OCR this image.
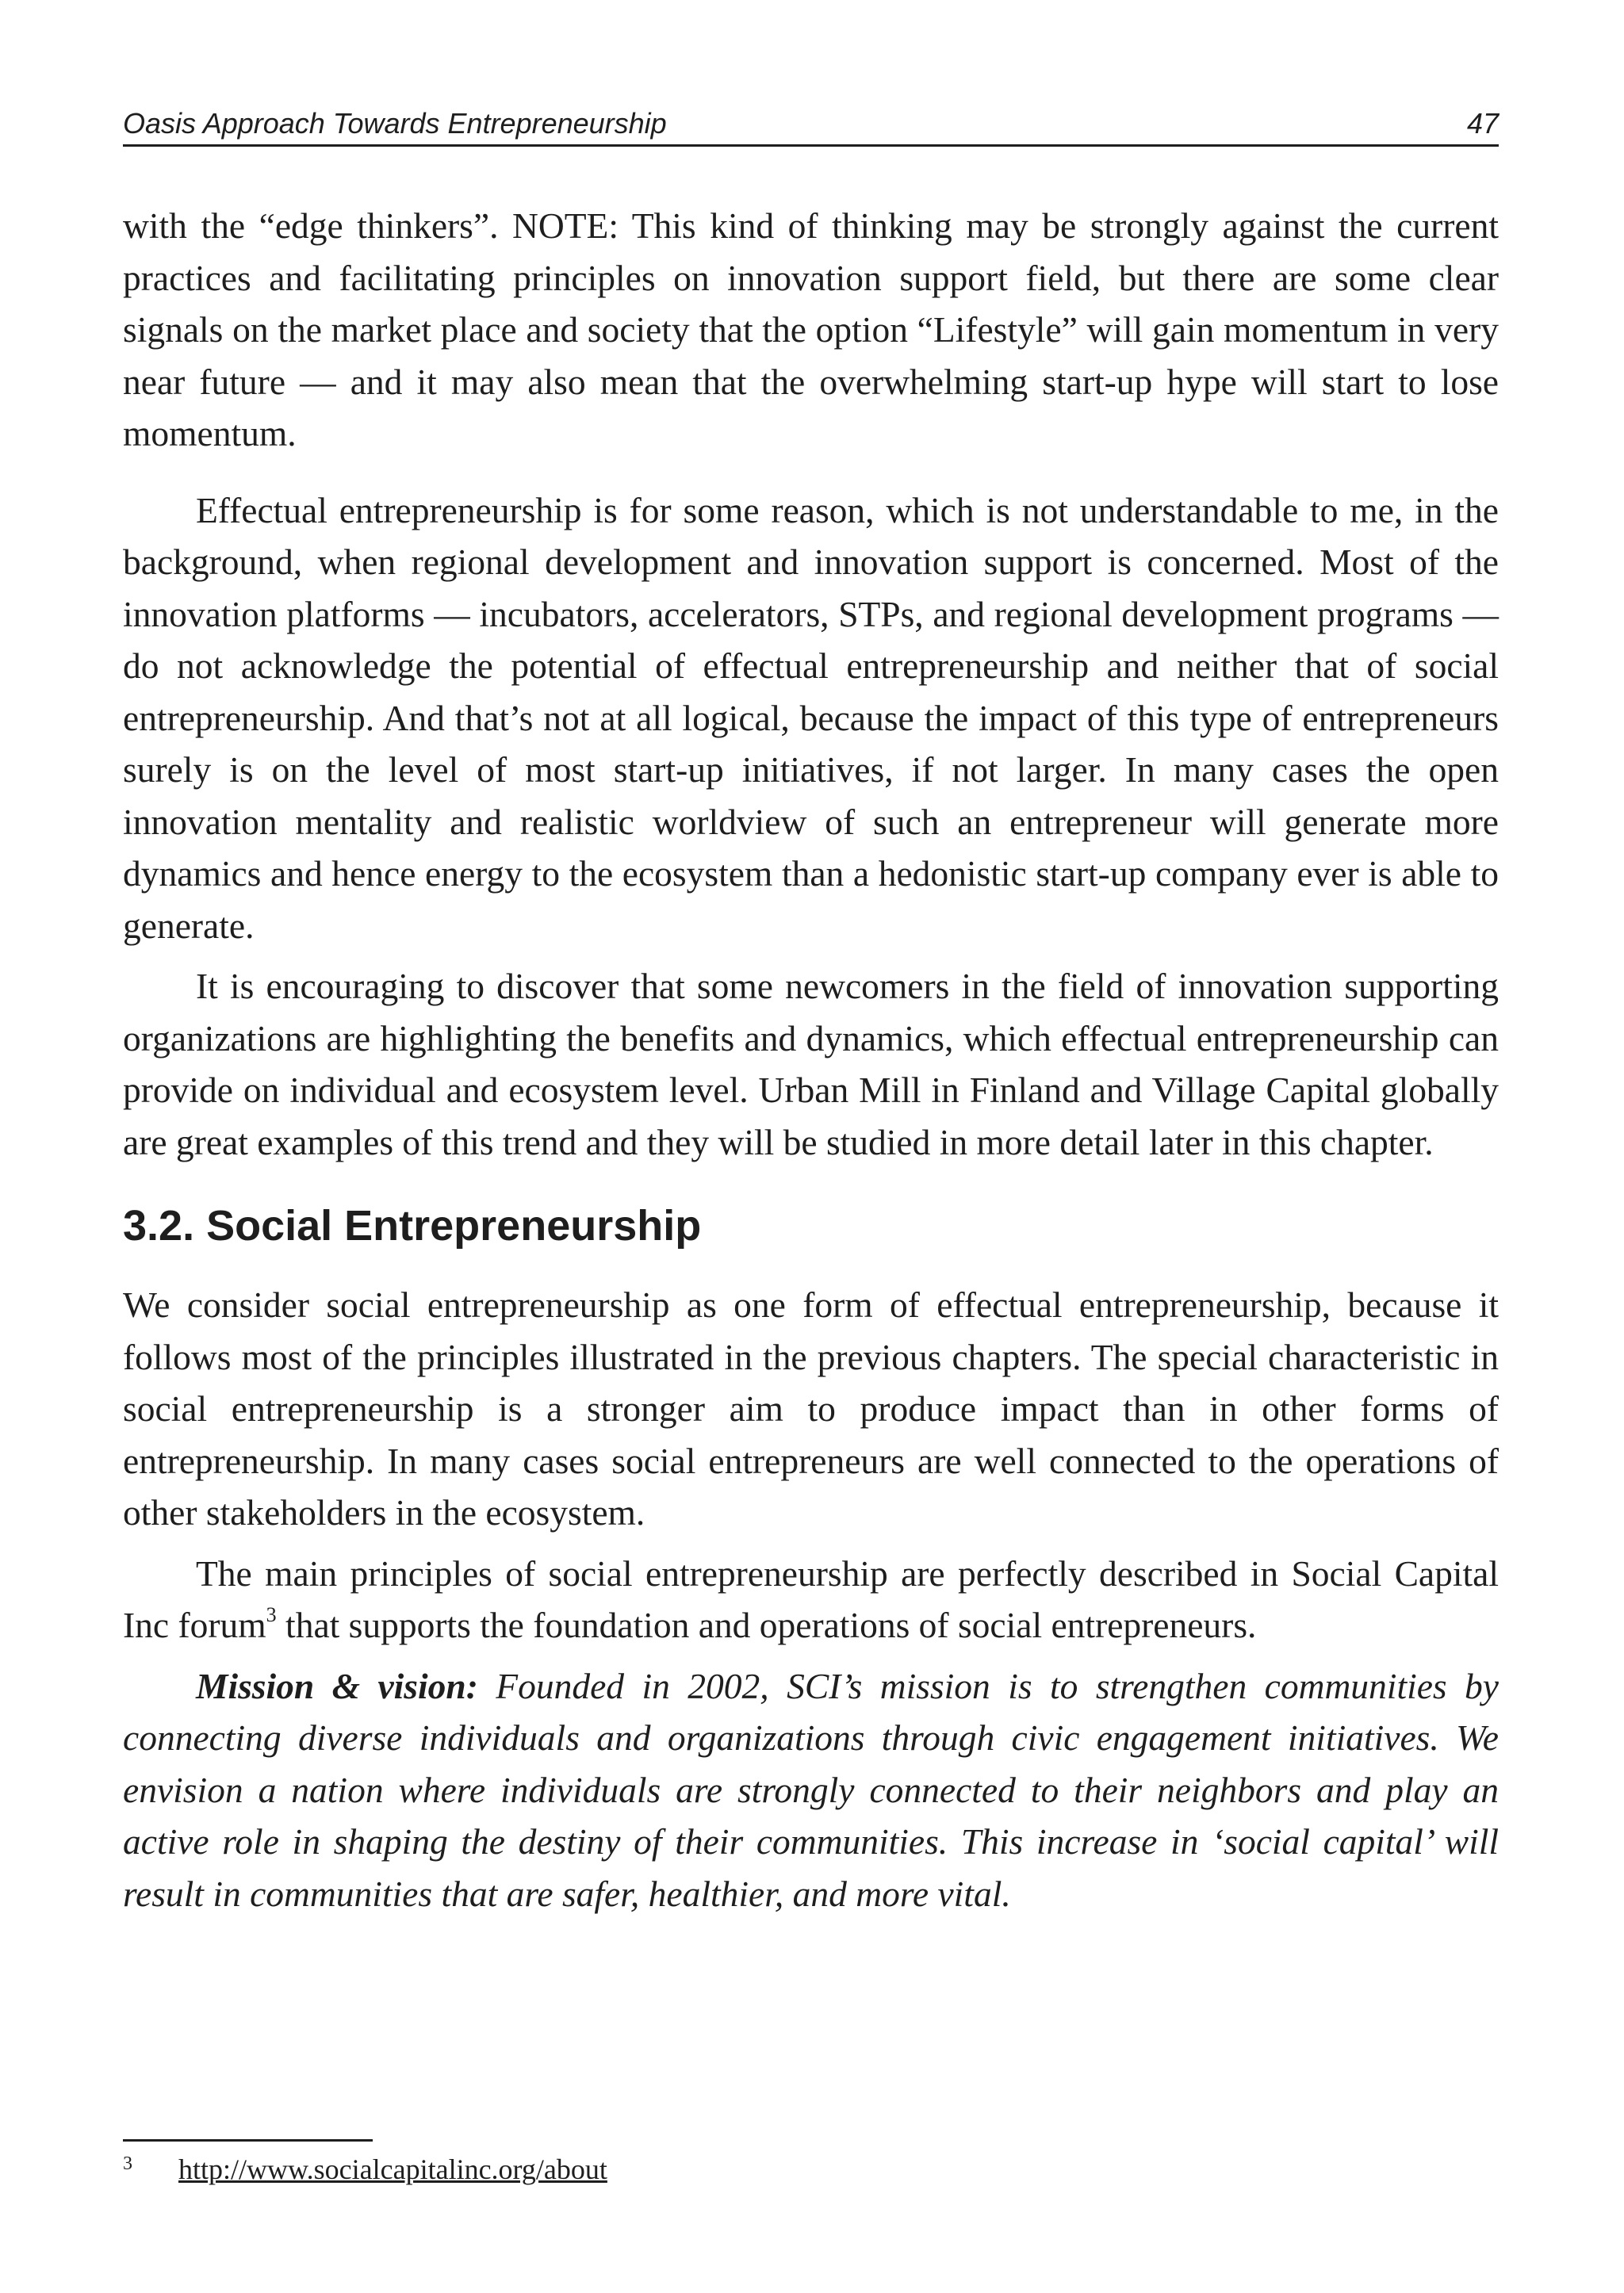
Oasis Approach Towards Entrepreneurship	47

with the “edge thinkers”. NOTE: This kind of thinking may be strongly against the current practices and facilitating principles on innovation support field, but there are some clear signals on the market place and society that the option “Lifestyle” will gain momentum in very near future — and it may also mean that the overwhelming start-up hype will start to lose momentum.

Effectual entrepreneurship is for some reason, which is not understandable to me, in the background, when regional development and innovation support is concerned. Most of the innovation platforms — incubators, accelerators, STPs, and regional development programs — do not acknowledge the potential of effectual entrepreneurship and neither that of social entrepreneurship. And that’s not at all logical, because the impact of this type of entrepreneurs surely is on the level of most start-up initiatives, if not larger. In many cases the open innovation mentality and realistic worldview of such an entrepreneur will generate more dynamics and hence energy to the ecosystem than a hedonistic start-up company ever is able to generate.

It is encouraging to discover that some newcomers in the field of innovation supporting organizations are highlighting the benefits and dynamics, which effectual entrepreneurship can provide on individual and ecosystem level. Urban Mill in Finland and Village Capital globally are great examples of this trend and they will be studied in more detail later in this chapter.

3.2. Social Entrepreneurship

We consider social entrepreneurship as one form of effectual entrepreneurship, because it follows most of the principles illustrated in the previous chapters. The special characteristic in social entrepreneurship is a stronger aim to produce impact than in other forms of entrepreneurship. In many cases social entrepreneurs are well connected to the operations of other stakeholders in the ecosystem.

The main principles of social entrepreneurship are perfectly described in Social Capital Inc forum$^3$ that supports the foundation and operations of social entrepreneurs.

Mission & vision: Founded in 2002, SCI’s mission is to strengthen communities by connecting diverse individuals and organizations through civic engagement initiatives. We envision a nation where individuals are strongly connected to their neighbors and play an active role in shaping the destiny of their communities. This increase in ‘social capital’ will result in communities that are safer, healthier, and more vital.

3 http://www.socialcapitalinc.org/about
